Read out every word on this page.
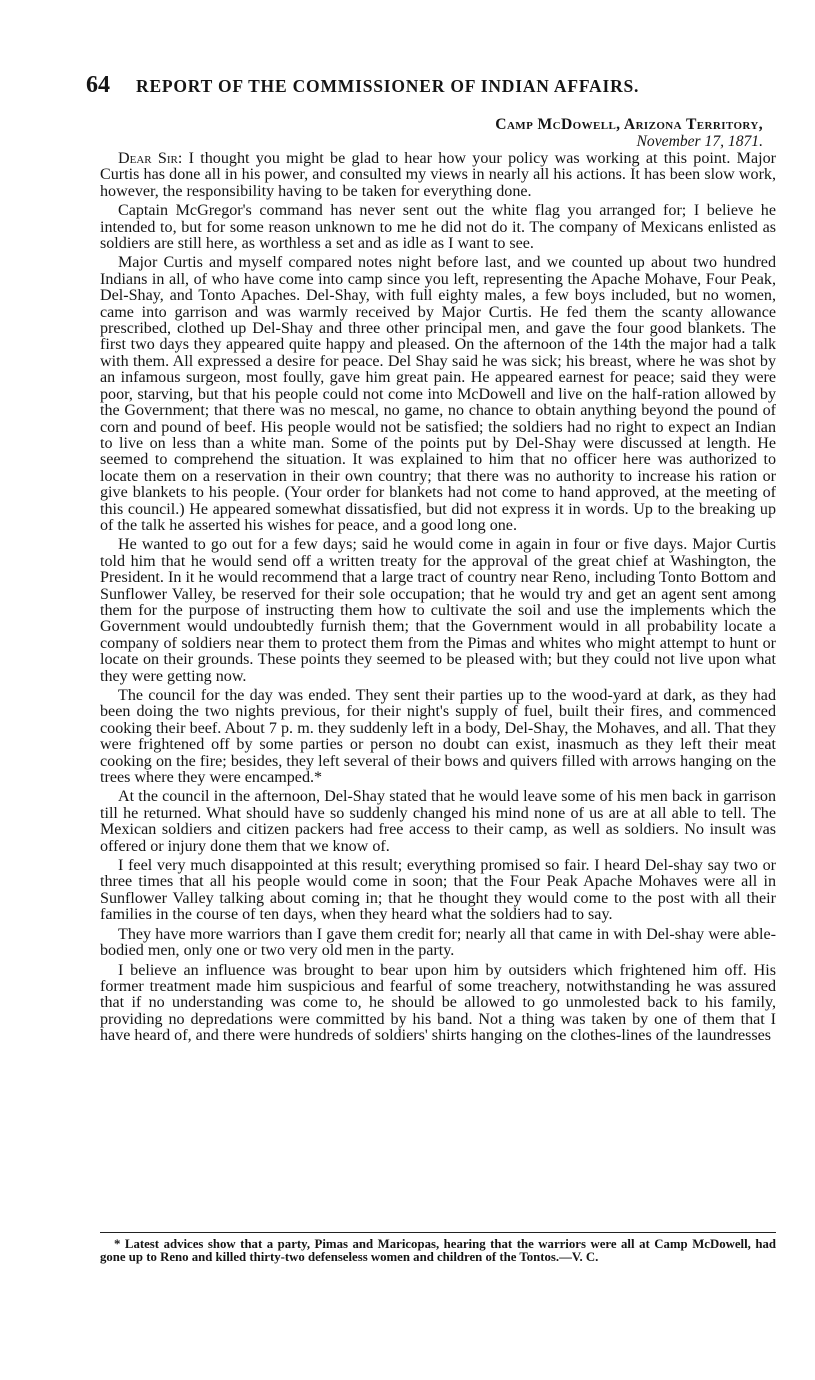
64 REPORT OF THE COMMISSIONER OF INDIAN AFFAIRS.
Camp McDowell, Arizona Territory,
November 17, 1871.

Dear Sir: I thought you might be glad to hear how your policy was working at this point. Major Curtis has done all in his power, and consulted my views in nearly all his actions. It has been slow work, however, the responsibility having to be taken for everything done.

Captain McGregor's command has never sent out the white flag you arranged for; I believe he intended to, but for some reason unknown to me he did not do it. The company of Mexicans enlisted as soldiers are still here, as worthless a set and as idle as I want to see.

Major Curtis and myself compared notes night before last, and we counted up about two hundred Indians in all, of who have come into camp since you left, representing the Apache Mohave, Four Peak, Del-Shay, and Tonto Apaches. Del-Shay, with full eighty males, a few boys included, but no women, came into garrison and was warmly received by Major Curtis. He fed them the scanty allowance prescribed, clothed up Del-Shay and three other principal men, and gave the four good blankets. The first two days they appeared quite happy and pleased. On the afternoon of the 14th the major had a talk with them. All expressed a desire for peace. Del Shay said he was sick; his breast, where he was shot by an infamous surgeon, most foully, gave him great pain. He appeared earnest for peace; said they were poor, starving, but that his people could not come into McDowell and live on the half-ration allowed by the Government; that there was no mescal, no game, no chance to obtain anything beyond the pound of corn and pound of beef. His people would not be satisfied; the soldiers had no right to expect an Indian to live on less than a white man. Some of the points put by Del-Shay were discussed at length. He seemed to comprehend the situation. It was explained to him that no officer here was authorized to locate them on a reservation in their own country; that there was no authority to increase his ration or give blankets to his people. (Your order for blankets had not come to hand approved, at the meeting of this council.) He appeared somewhat dissatisfied, but did not express it in words. Up to the breaking up of the talk he asserted his wishes for peace, and a good long one.

He wanted to go out for a few days; said he would come in again in four or five days. Major Curtis told him that he would send off a written treaty for the approval of the great chief at Washington, the President. In it he would recommend that a large tract of country near Reno, including Tonto Bottom and Sunflower Valley, be reserved for their sole occupation; that he would try and get an agent sent among them for the purpose of instructing them how to cultivate the soil and use the implements which the Government would undoubtedly furnish them; that the Government would in all probability locate a company of soldiers near them to protect them from the Pimas and whites who might attempt to hunt or locate on their grounds. These points they seemed to be pleased with; but they could not live upon what they were getting now.

The council for the day was ended. They sent their parties up to the wood-yard at dark, as they had been doing the two nights previous, for their night's supply of fuel, built their fires, and commenced cooking their beef. About 7 p. m. they suddenly left in a body, Del-Shay, the Mohaves, and all. That they were frightened off by some parties or person no doubt can exist, inasmuch as they left their meat cooking on the fire; besides, they left several of their bows and quivers filled with arrows hanging on the trees where they were encamped.*

At the council in the afternoon, Del-Shay stated that he would leave some of his men back in garrison till he returned. What should have so suddenly changed his mind none of us are at all able to tell. The Mexican soldiers and citizen packers had free access to their camp, as well as soldiers. No insult was offered or injury done them that we know of.

I feel very much disappointed at this result; everything promised so fair. I heard Del-shay say two or three times that all his people would come in soon; that the Four Peak Apache Mohaves were all in Sunflower Valley talking about coming in; that he thought they would come to the post with all their families in the course of ten days, when they heard what the soldiers had to say.

They have more warriors than I gave them credit for; nearly all that came in with Del-shay were able-bodied men, only one or two very old men in the party.

I believe an influence was brought to bear upon him by outsiders which frightened him off. His former treatment made him suspicious and fearful of some treachery, notwithstanding he was assured that if no understanding was come to, he should be allowed to go unmolested back to his family, providing no depredations were committed by his band. Not a thing was taken by one of them that I have heard of, and there were hundreds of soldiers' shirts hanging on the clothes-lines of the laundresses

* Latest advices show that a party, Pimas and Maricopas, hearing that the warriors were all at Camp McDowell, had gone up to Reno and killed thirty-two defenseless women and children of the Tontos.—V. C.
